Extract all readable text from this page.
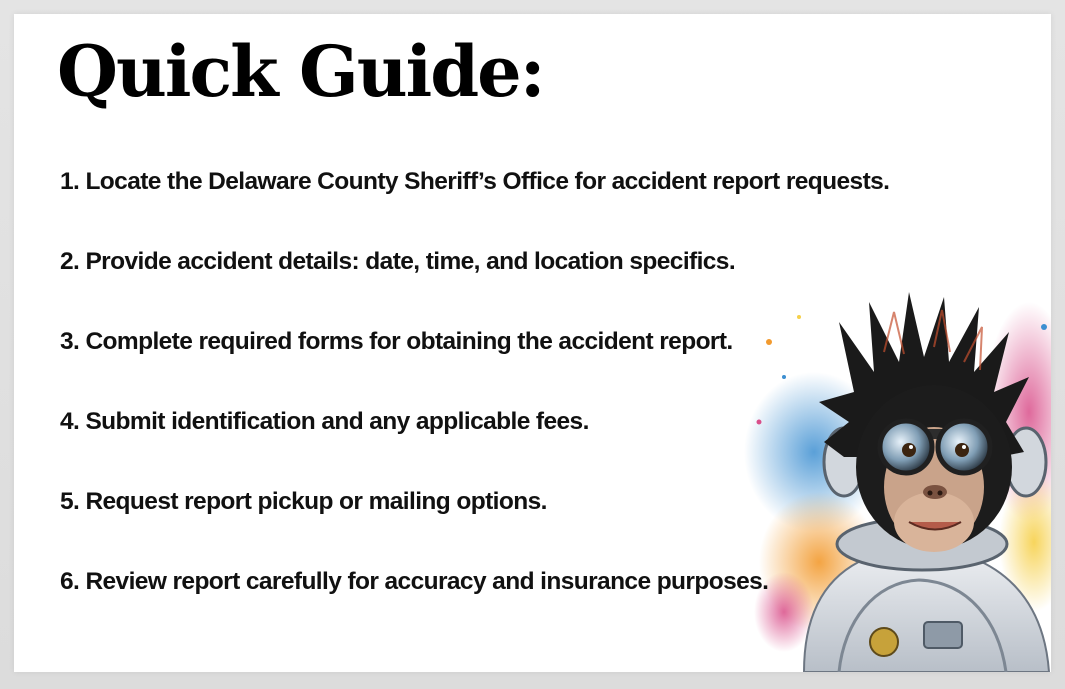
Quick Guide:
1. Locate the Delaware County Sheriff’s Office for accident report requests.
2. Provide accident details: date, time, and location specifics.
3. Complete required forms for obtaining the accident report.
4. Submit identification and any applicable fees.
5. Request report pickup or mailing options.
6. Review report carefully for accuracy and insurance purposes.
